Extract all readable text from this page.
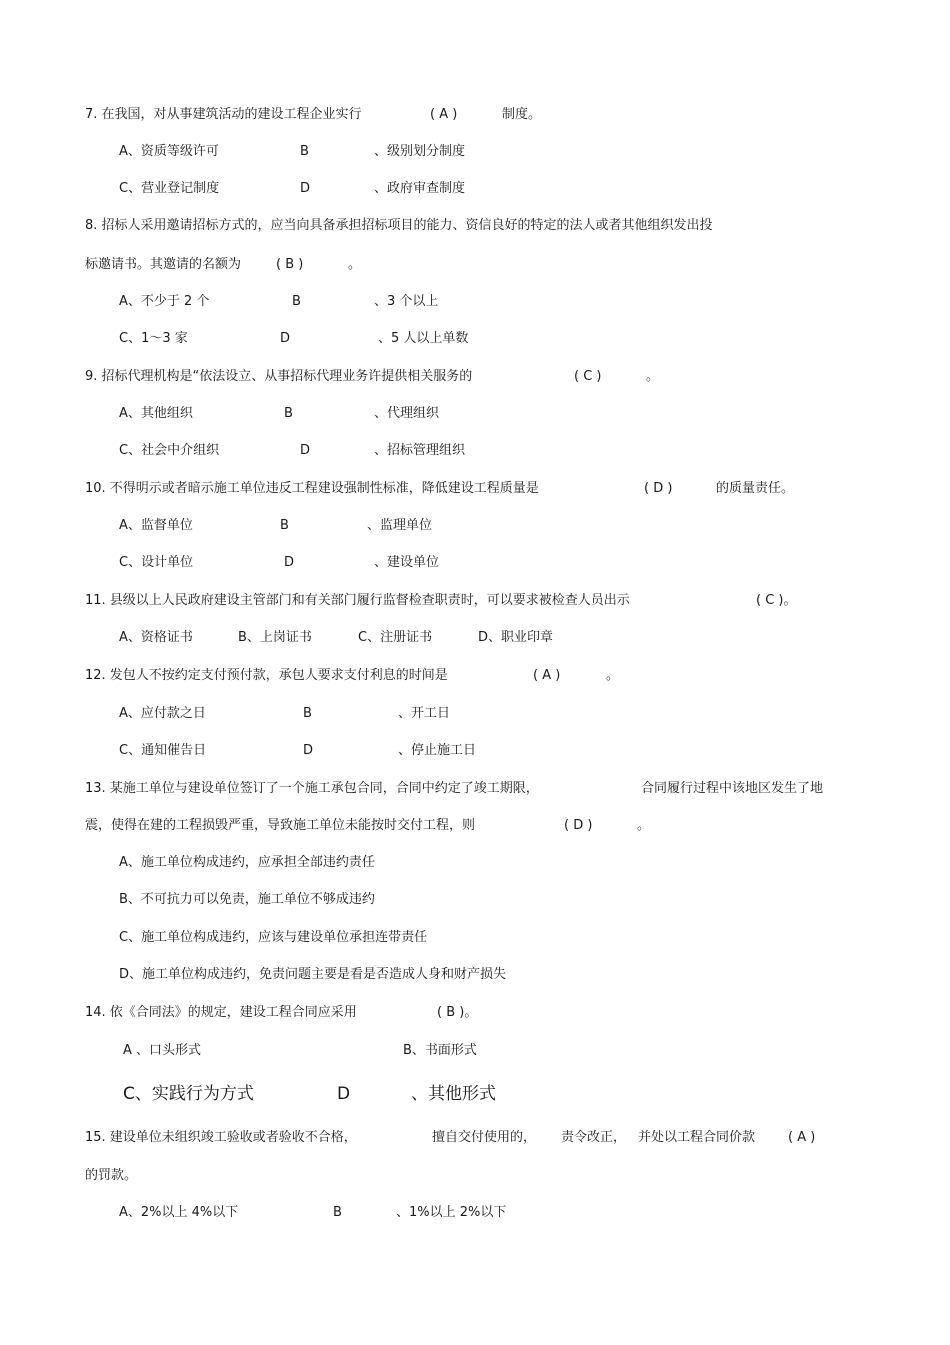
7. 在我国，对从事建筑活动的建设工程企业实行	( A )	制度。
A、资质等级许可	B	、级别划分制度
C、营业登记制度	D	、政府审查制度
8. 招标人采用邀请招标方式的，应当向具备承担招标项目的能力、资信良好的特定的法人或者其他组织发出投
标邀请书。其邀请的名额为	( B )	。
A、不少于 2 个	B	、3 个以上
C、1～3 家	D	、5 人以上单数
9. 招标代理机构是“依法设立、从事招标代理业务许提供相关服务的	( C )	。
A、其他组织	B	、代理组织
C、社会中介组织	D	、招标管理组织
10. 不得明示或者暗示施工单位违反工程建设强制性标准，降低建设工程质量是	( D )	的质量责任。
A、监督单位	B	、监理单位
C、设计单位	D	、建设单位
11. 县级以上人民政府建设主管部门和有关部门履行监督检查职责时，可以要求被检查人员出示	( C )。
A、资格证书	B、上岗证书	C、注册证书	D、职业印章
12. 发包人不按约定支付预付款，承包人要求支付利息的时间是	( A )	。
A、应付款之日	B	、开工日
C、通知催告日	D	、停止施工日
13. 某施工单位与建设单位签订了一个施工承包合同，合同中约定了竣工期限，	合同履行过程中该地区发生了地
震，使得在建的工程损毁严重，导致施工单位未能按时交付工程，则	( D )	。
A、施工单位构成违约，应承担全部违约责任
B、不可抗力可以免责，施工单位不够成违约
C、施工单位构成违约，应该与建设单位承担连带责任
D、施工单位构成违约，免责问题主要是看是否造成人身和财产损失
14. 依《合同法》的规定，建设工程合同应采用	( B )。
A 、口头形式	B、书面形式
C、实践行为方式	D	、其他形式
15. 建设单位未组织竣工验收或者验收不合格，	擅自交付使用的， 责令改正， 并处以工程合同价款	( A )
的罚款。
A、2%以上 4%以下	B	、1%以上 2%以下
